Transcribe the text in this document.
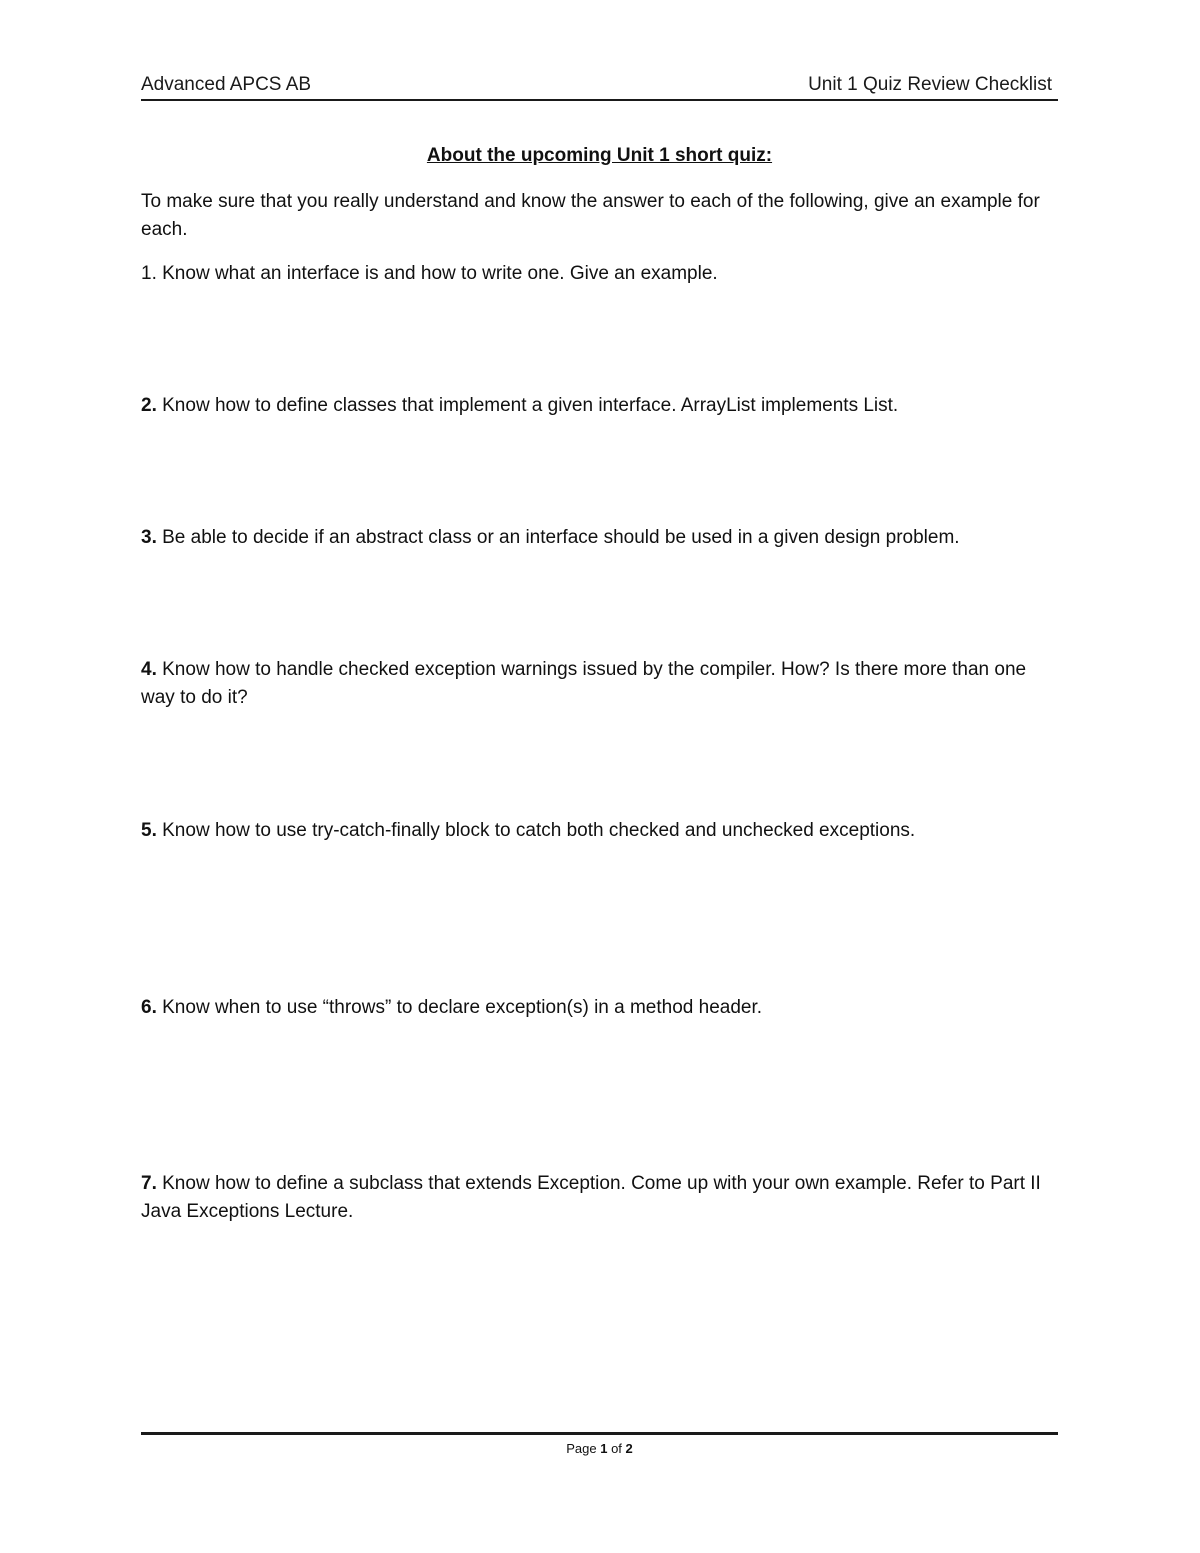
Advanced APCS AB	Unit 1 Quiz Review Checklist
About the upcoming Unit 1 short quiz:
To make sure that you really understand and know the answer to each of the following, give an example for each.
1. Know what an interface is and how to write one. Give an example.
2. Know how to define classes that implement a given interface. ArrayList implements List.
3. Be able to decide if an abstract class or an interface should be used in a given design problem.
4. Know how to handle checked exception warnings issued by the compiler. How? Is there more than one way to do it?
5. Know how to use try-catch-finally block to catch both checked and unchecked exceptions.
6. Know when to use “throws” to declare exception(s) in a method header.
7. Know how to define a subclass that extends Exception. Come up with your own example. Refer to Part II Java Exceptions Lecture.
Page 1 of 2
